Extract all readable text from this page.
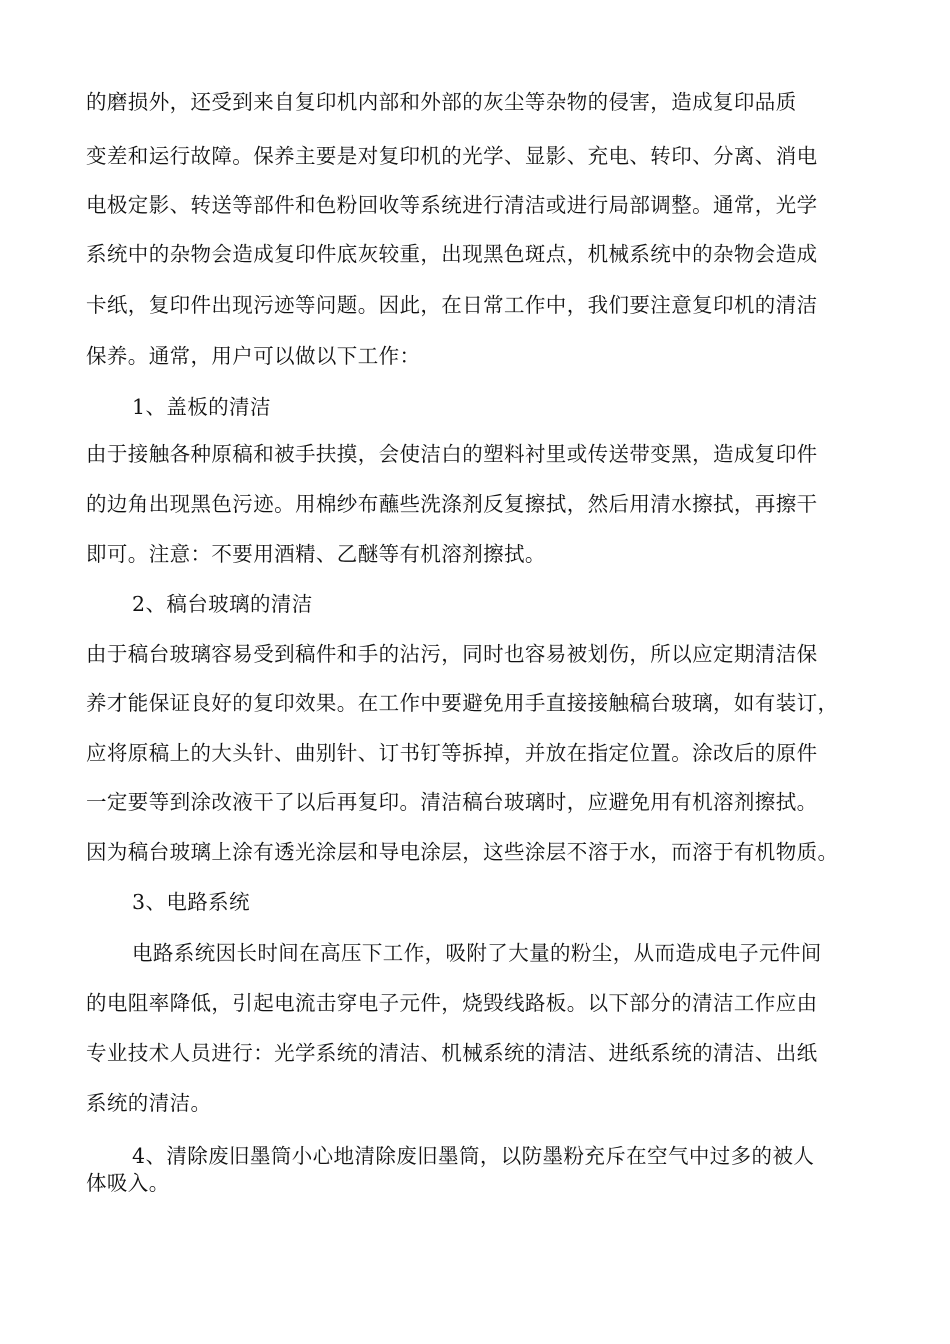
的磨损外，还受到来自复印机内部和外部的灰尘等杂物的侵害，造成复印品质
变差和运行故障。保养主要是对复印机的光学、显影、充电、转印、分离、消电
电极定影、转送等部件和色粉回收等系统进行清洁或进行局部调整。通常，光学
系统中的杂物会造成复印件底灰较重，出现黑色斑点，机械系统中的杂物会造成
卡纸，复印件出现污迹等问题。因此，在日常工作中，我们要注意复印机的清洁
保养。通常，用户可以做以下工作：
1、盖板的清洁
由于接触各种原稿和被手扶摸，会使洁白的塑料衬里或传送带变黑，造成复印件
的边角出现黑色污迹。用棉纱布蘸些洗涤剂反复擦拭，然后用清水擦拭，再擦干
即可。注意：不要用酒精、乙醚等有机溶剂擦拭。
2、稿台玻璃的清洁
由于稿台玻璃容易受到稿件和手的沾污，同时也容易被划伤，所以应定期清洁保
养才能保证良好的复印效果。在工作中要避免用手直接接触稿台玻璃，如有装订，
应将原稿上的大头针、曲别针、订书钉等拆掉，并放在指定位置。涂改后的原件
一定要等到涂改液干了以后再复印。清洁稿台玻璃时，应避免用有机溶剂擦拭。
因为稿台玻璃上涂有透光涂层和导电涂层，这些涂层不溶于水，而溶于有机物质。
3、电路系统
电路系统因长时间在高压下工作，吸附了大量的粉尘，从而造成电子元件间
的电阻率降低，引起电流击穿电子元件，烧毁线路板。以下部分的清洁工作应由
专业技术人员进行：光学系统的清洁、机械系统的清洁、进纸系统的清洁、出纸
系统的清洁。
4、清除废旧墨筒小心地清除废旧墨筒，以防墨粉充斥在空气中过多的被人
体吸入。
